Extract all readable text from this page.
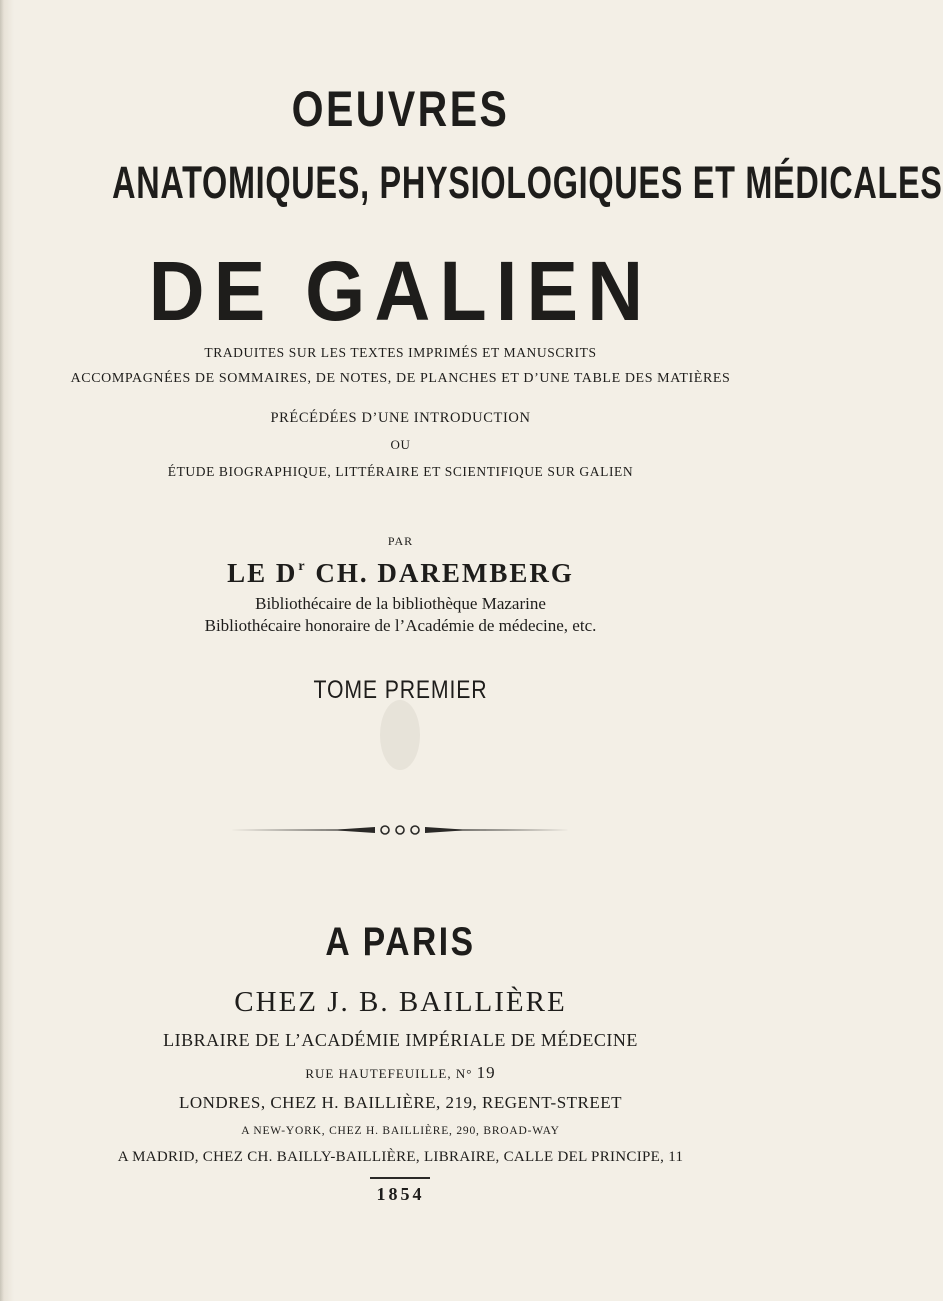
OEUVRES
ANATOMIQUES, PHYSIOLOGIQUES ET MÉDICALES
DE GALIEN
TRADUITES SUR LES TEXTES IMPRIMÉS ET MANUSCRITS
ACCOMPAGNÉES DE SOMMAIRES, DE NOTES, DE PLANCHES ET D’UNE TABLE DES MATIÈRES
PRÉCÉDÉES D’UNE INTRODUCTION
OU
ÉTUDE BIOGRAPHIQUE, LITTÉRAIRE ET SCIENTIFIQUE SUR GALIEN
PAR
LE $D^r$ CH. DAREMBERG
Bibliothécaire de la bibliothèque Mazarine
Bibliothécaire honoraire de l’Académie de médecine, etc.
TOME PREMIER
A PARIS
CHEZ J. B. BAILLIÈRE
LIBRAIRE DE L’ACADÉMIE IMPÉRIALE DE MÉDECINE
RUE HAUTEFEUILLE, N° 19
LONDRES, CHEZ H. BAILLIÈRE, 219, REGENT-STREET
A NEW-YORK, CHEZ H. BAILLIÈRE, 290, BROAD-WAY
A MADRID, CHEZ CH. BAILLY-BAILLIÈRE, LIBRAIRE, CALLE DEL PRINCIPE, 11
1854
